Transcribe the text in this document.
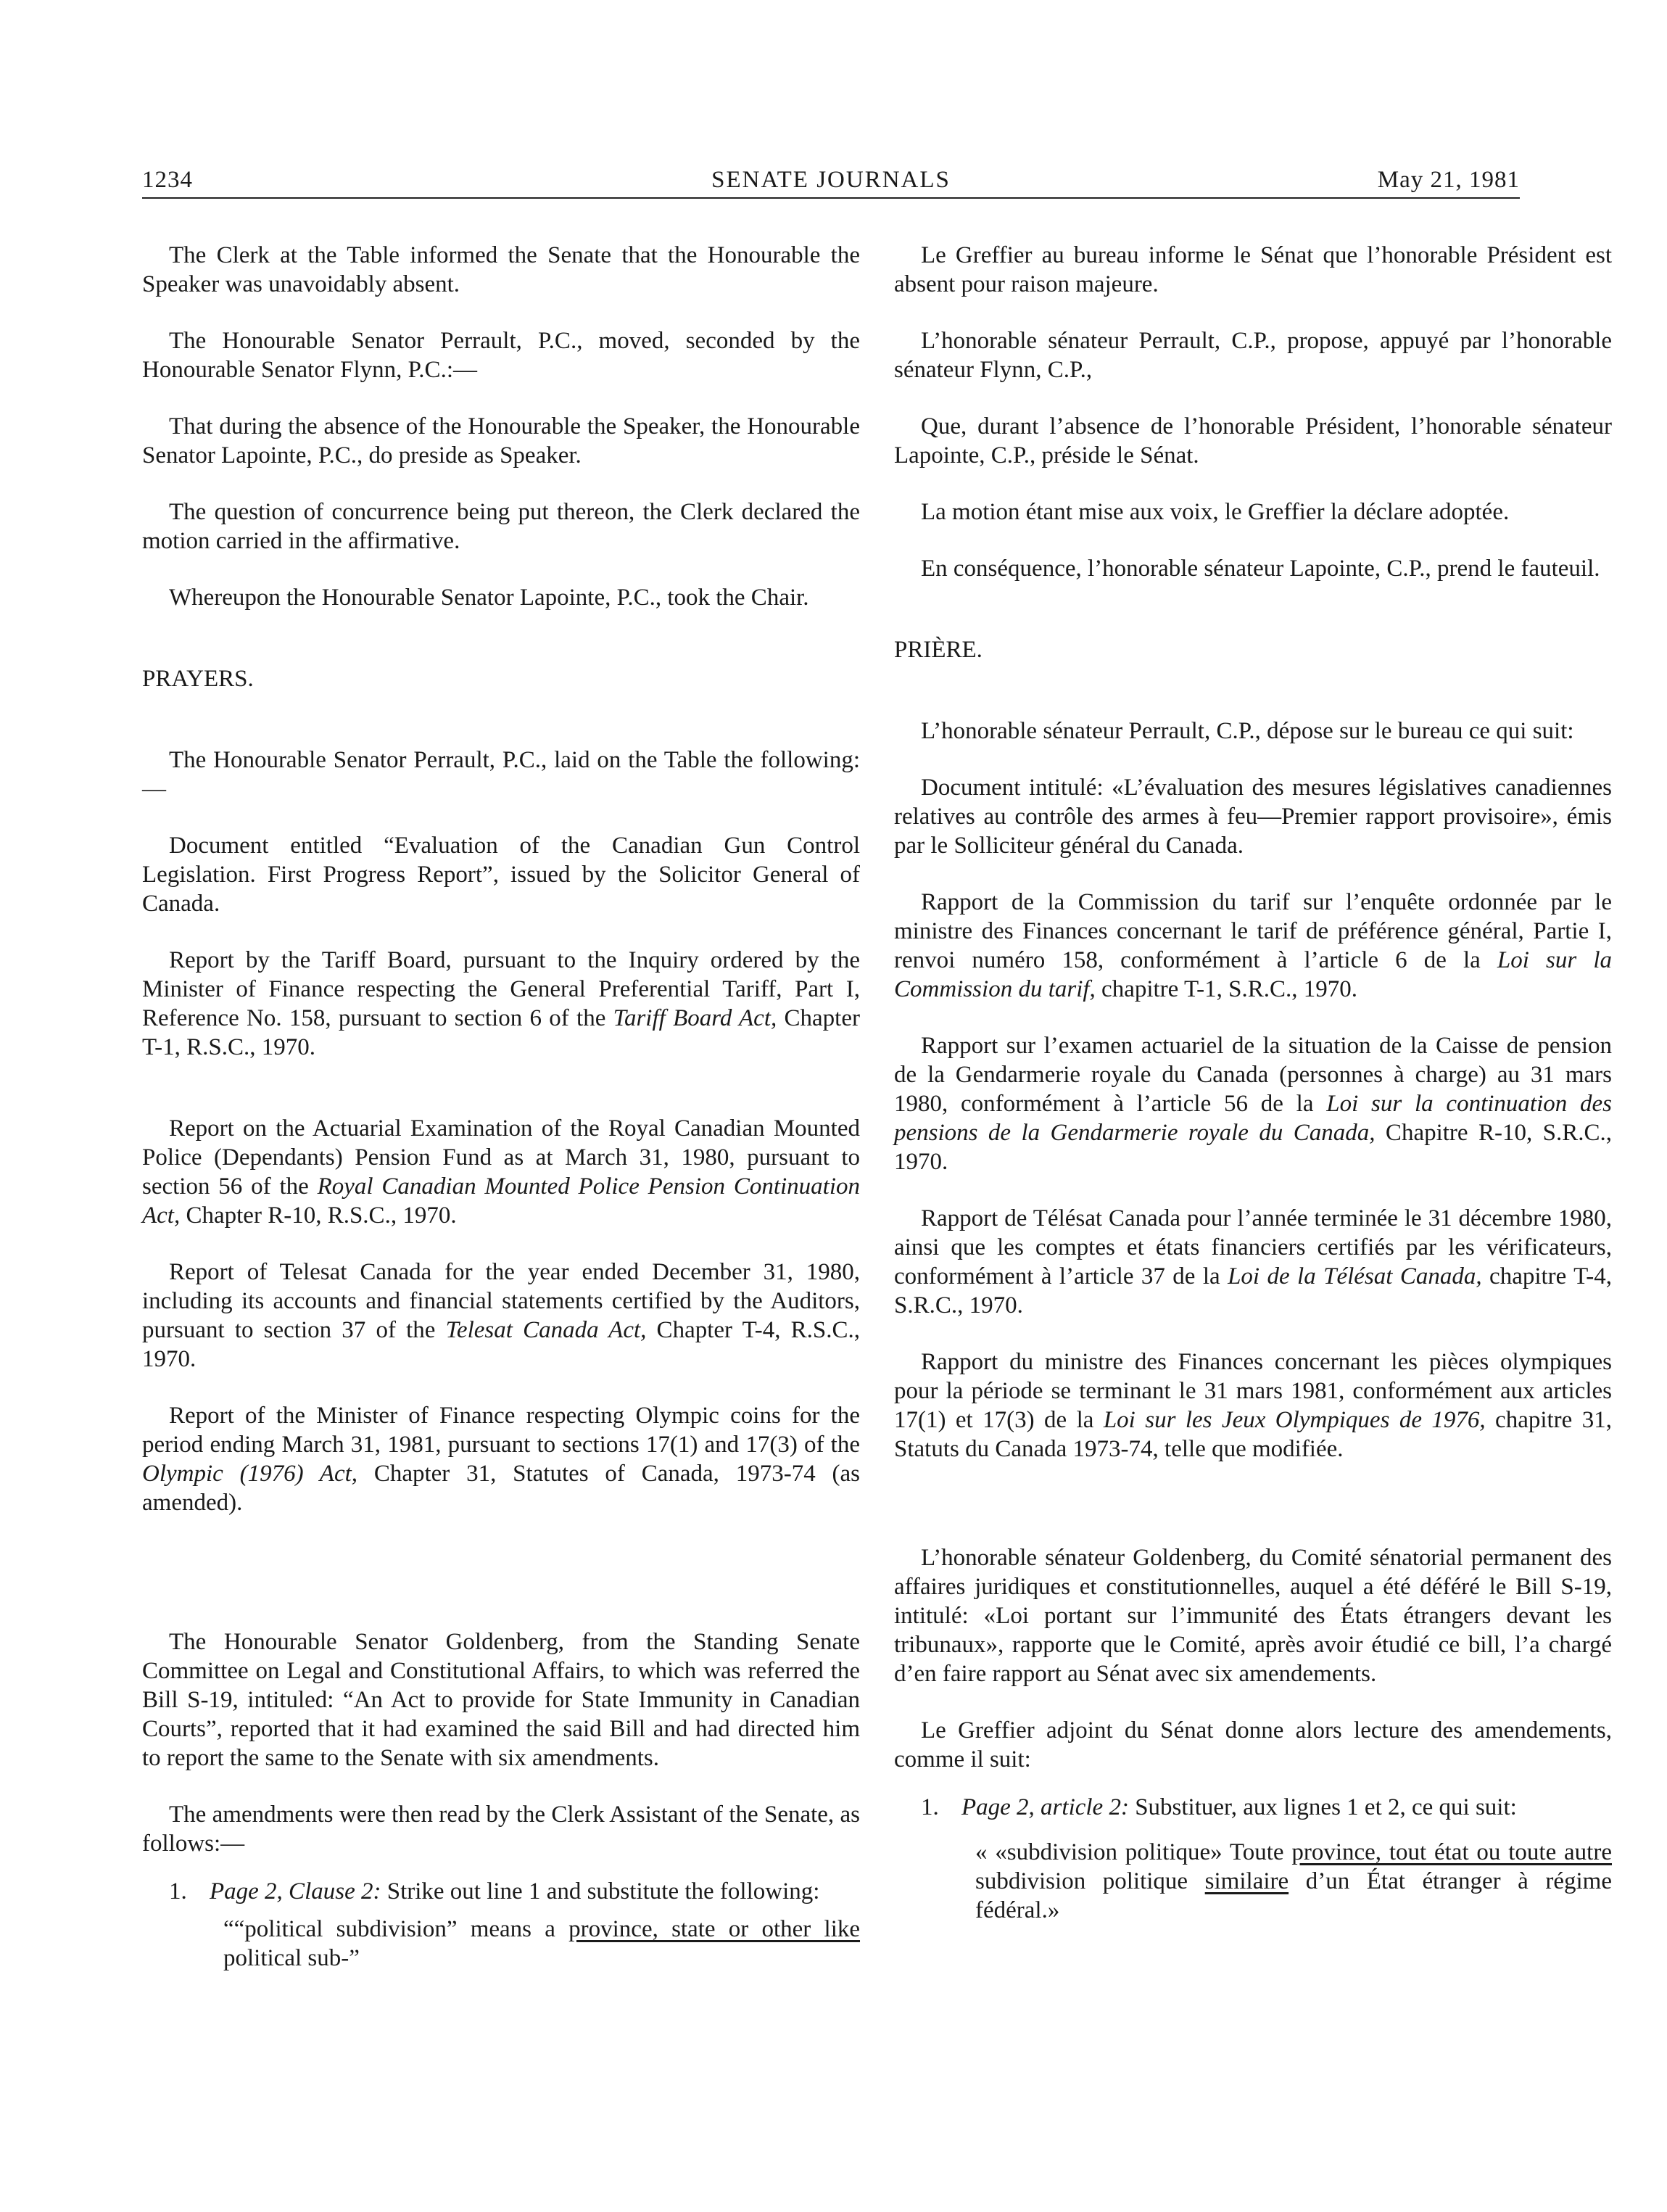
1234	SENATE JOURNALS	May 21, 1981

The Clerk at the Table informed the Senate that the Honourable the Speaker was unavoidably absent.

The Honourable Senator Perrault, P.C., moved, seconded by the Honourable Senator Flynn, P.C.:—

That during the absence of the Honourable the Speaker, the Honourable Senator Lapointe, P.C., do preside as Speaker.

The question of concurrence being put thereon, the Clerk declared the motion carried in the affirmative.

Whereupon the Honourable Senator Lapointe, P.C., took the Chair.

PRAYERS.

The Honourable Senator Perrault, P.C., laid on the Table the following:—

Document entitled “Evaluation of the Canadian Gun Control Legislation. First Progress Report”, issued by the Solicitor General of Canada.

Report by the Tariff Board, pursuant to the Inquiry ordered by the Minister of Finance respecting the General Preferential Tariff, Part I, Reference No. 158, pursuant to section 6 of the Tariff Board Act, Chapter T-1, R.S.C., 1970.

Report on the Actuarial Examination of the Royal Canadian Mounted Police (Dependants) Pension Fund as at March 31, 1980, pursuant to section 56 of the Royal Canadian Mounted Police Pension Continuation Act, Chapter R-10, R.S.C., 1970.

Report of Telesat Canada for the year ended December 31, 1980, including its accounts and financial statements certified by the Auditors, pursuant to section 37 of the Telesat Canada Act, Chapter T-4, R.S.C., 1970.

Report of the Minister of Finance respecting Olympic coins for the period ending March 31, 1981, pursuant to sections 17(1) and 17(3) of the Olympic (1976) Act, Chapter 31, Statutes of Canada, 1973-74 (as amended).

The Honourable Senator Goldenberg, from the Standing Senate Committee on Legal and Constitutional Affairs, to which was referred the Bill S-19, intituled: “An Act to provide for State Immunity in Canadian Courts”, reported that it had examined the said Bill and had directed him to report the same to the Senate with six amendments.

The amendments were then read by the Clerk Assistant of the Senate, as follows:—

1. Page 2, Clause 2: Strike out line 1 and substitute the following:

““political subdivision” means a province, state or other like political sub-”

Le Greffier au bureau informe le Sénat que l’honorable Président est absent pour raison majeure.

L’honorable sénateur Perrault, C.P., propose, appuyé par l’honorable sénateur Flynn, C.P.,

Que, durant l’absence de l’honorable Président, l’honorable sénateur Lapointe, C.P., préside le Sénat.

La motion étant mise aux voix, le Greffier la déclare adoptée.

En conséquence, l’honorable sénateur Lapointe, C.P., prend le fauteuil.

PRIÈRE.

L’honorable sénateur Perrault, C.P., dépose sur le bureau ce qui suit:

Document intitulé: «L’évaluation des mesures législatives canadiennes relatives au contrôle des armes à feu—Premier rapport provisoire», émis par le Solliciteur général du Canada.

Rapport de la Commission du tarif sur l’enquête ordonnée par le ministre des Finances concernant le tarif de préférence général, Partie I, renvoi numéro 158, conformément à l’article 6 de la Loi sur la Commission du tarif, chapitre T-1, S.R.C., 1970.

Rapport sur l’examen actuariel de la situation de la Caisse de pension de la Gendarmerie royale du Canada (personnes à charge) au 31 mars 1980, conformément à l’article 56 de la Loi sur la continuation des pensions de la Gendarmerie royale du Canada, Chapitre R-10, S.R.C., 1970.

Rapport de Télésat Canada pour l’année terminée le 31 décembre 1980, ainsi que les comptes et états financiers certifiés par les vérificateurs, conformément à l’article 37 de la Loi de la Télésat Canada, chapitre T-4, S.R.C., 1970.

Rapport du ministre des Finances concernant les pièces olympiques pour la période se terminant le 31 mars 1981, conformément aux articles 17(1) et 17(3) de la Loi sur les Jeux Olympiques de 1976, chapitre 31, Statuts du Canada 1973-74, telle que modifiée.

L’honorable sénateur Goldenberg, du Comité sénatorial permanent des affaires juridiques et constitutionnelles, auquel a été déféré le Bill S-19, intitulé: «Loi portant sur l’immunité des États étrangers devant les tribunaux», rapporte que le Comité, après avoir étudié ce bill, l’a chargé d’en faire rapport au Sénat avec six amendements.

Le Greffier adjoint du Sénat donne alors lecture des amendements, comme il suit:

1. Page 2, article 2: Substituer, aux lignes 1 et 2, ce qui suit:

« «subdivision politique» Toute province, tout état ou toute autre subdivision politique similaire d’un État étranger à régime fédéral.»
